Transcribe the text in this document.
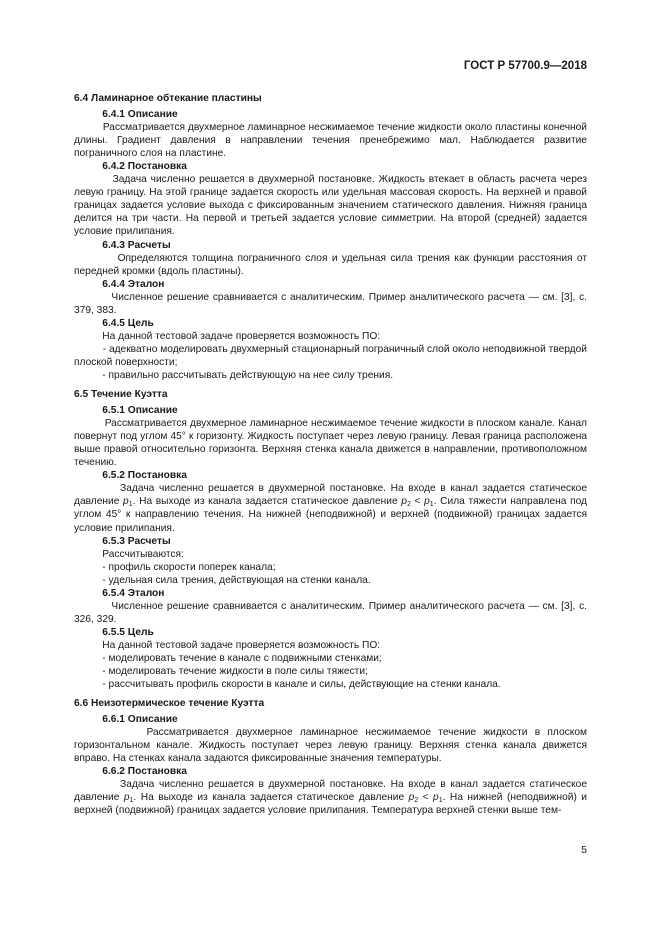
ГОСТ Р 57700.9—2018
6.4 Ламинарное обтекание пластины
6.4.1 Описание
Рассматривается двухмерное ламинарное несжимаемое течение жидкости около пластины конечной длины. Градиент давления в направлении течения пренебрежимо мал. Наблюдается развитие пограничного слоя на пластине.
6.4.2 Постановка
Задача численно решается в двухмерной постановке. Жидкость втекает в область расчета через левую границу. На этой границе задается скорость или удельная массовая скорость. На верхней и правой границах задается условие выхода с фиксированным значением статического давления. Нижняя граница делится на три части. На первой и третьей задается условие симметрии. На второй (средней) задается условие прилипания.
6.4.3 Расчеты
Определяются толщина пограничного слоя и удельная сила трения как функции расстояния от передней кромки (вдоль пластины).
6.4.4 Эталон
Численное решение сравнивается с аналитическим. Пример аналитического расчета — см. [3], с. 379, 383.
6.4.5 Цель
На данной тестовой задаче проверяется возможность ПО:
- адекватно моделировать двухмерный стационарный пограничный слой около неподвижной твердой плоской поверхности;
- правильно рассчитывать действующую на нее силу трения.
6.5 Течение Куэтта
6.5.1 Описание
Рассматривается двухмерное ламинарное несжимаемое течение жидкости в плоском канале. Канал повернут под углом 45° к горизонту. Жидкость поступает через левую границу. Левая граница расположена выше правой относительно горизонта. Верхняя стенка канала движется в направлении, противоположном течению.
6.5.2 Постановка
Задача численно решается в двухмерной постановке. На входе в канал задается статическое давление $p_1$. На выходе из канала задается статическое давление $p_2 < p_1$. Сила тяжести направлена под углом 45° к направлению течения. На нижней (неподвижной) и верхней (подвижной) границах задается условие прилипания.
6.5.3 Расчеты
Рассчитываются:
- профиль скорости поперек канала;
- удельная сила трения, действующая на стенки канала.
6.5.4 Эталон
Численное решение сравнивается с аналитическим. Пример аналитического расчета — см. [3], с. 326, 329.
6.5.5 Цель
На данной тестовой задаче проверяется возможность ПО:
- моделировать течение в канале с подвижными стенками;
- моделировать течение жидкости в поле силы тяжести;
- рассчитывать профиль скорости в канале и силы, действующие на стенки канала.
6.6 Неизотермическое течение Куэтта
6.6.1 Описание
Рассматривается двухмерное ламинарное несжимаемое течение жидкости в плоском горизонтальном канале. Жидкость поступает через левую границу. Верхняя стенка канала движется вправо. На стенках канала задаются фиксированные значения температуры.
6.6.2 Постановка
Задача численно решается в двухмерной постановке. На входе в канал задается статическое давление $p_1$. На выходе из канала задается статическое давление $p_2 < p_1$. На нижней (неподвижной) и верхней (подвижной) границах задается условие прилипания. Температура верхней стенки выше тем-
5
